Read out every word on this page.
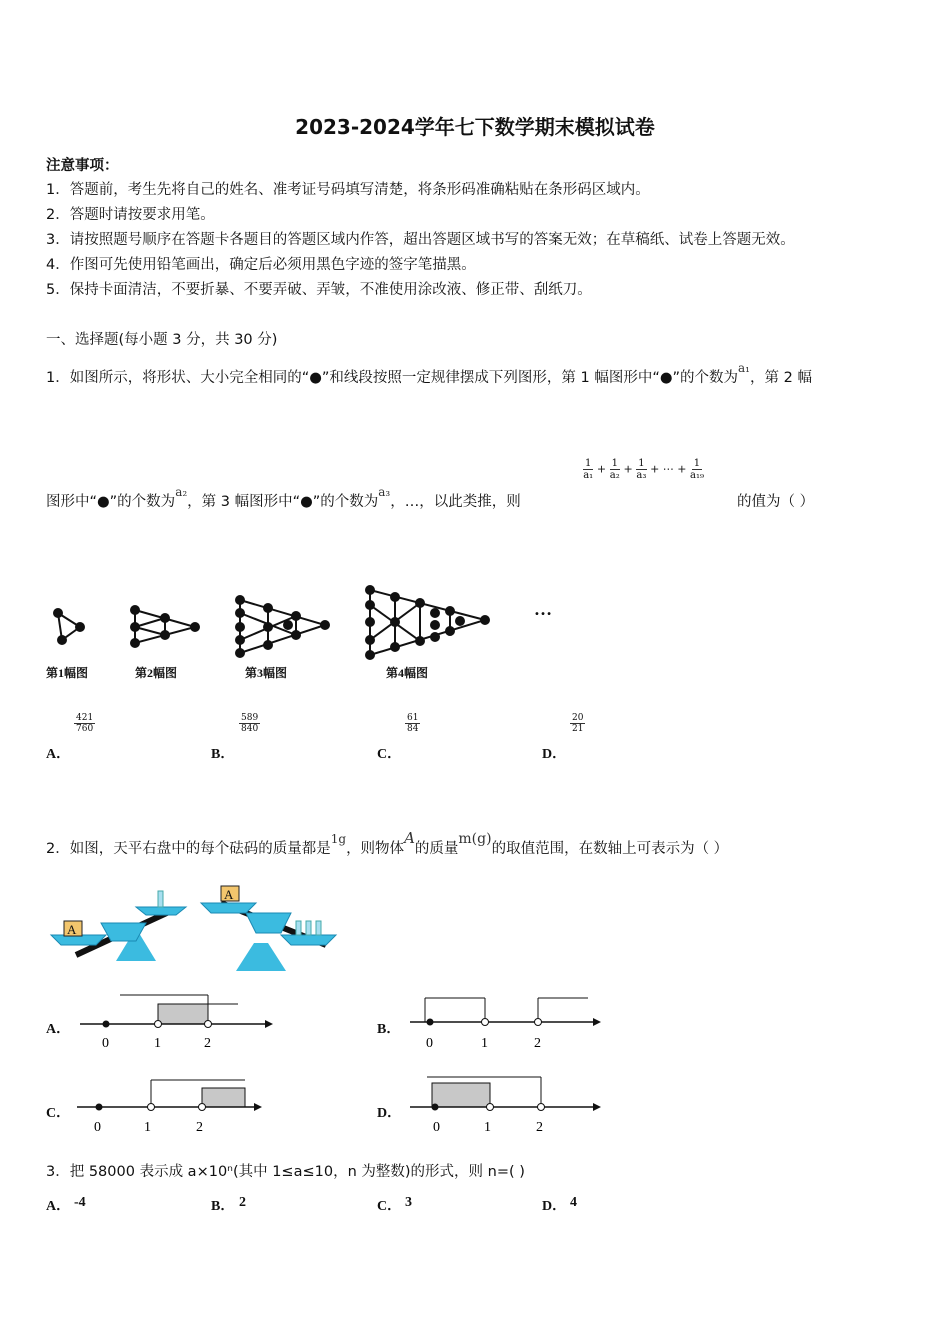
2023-2024学年七下数学期末模拟试卷
注意事项：
1．答题前，考生先将自己的姓名、准考证号码填写清楚，将条形码准确粘贴在条形码区域内。
2．答题时请按要求用笔。
3．请按照题号顺序在答题卡各题目的答题区域内作答，超出答题区域书写的答案无效；在草稿纸、试卷上答题无效。
4．作图可先使用铅笔画出，确定后必须用黑色字迹的签字笔描黑。
5．保持卡面清洁，不要折暴、不要弄破、弄皱，不准使用涂改液、修正带、刮纸刀。
一、选择题(每小题 3 分，共 30 分)
1．如图所示，将形状、大小完全相同的“●”和线段按照一定规律摆成下列图形，第 1 幅图形中“●”的个数为$^{a_1}$，第 2 幅
$\frac{1}{\text{a₁}} + \frac{1}{\text{a₂}} + \frac{1}{\text{a₃}}$ + ⋯ + $\frac{1}{\text{a₁₉}}$
图形中“●”的个数为$^{a_2}$，第 3 幅图形中“●”的个数为$^{a_3}$，…，以此类推，则	的值为（ ）
…
第1幅图	第2幅图	第3幅图	第4幅图
A．
$\frac{421}{760}$
B．
$\frac{589}{840}$
C．
$\frac{61}{84}$
D．
$\frac{20}{21}$
2．如图，天平右盘中的每个砝码的质量都是$^{1g}$，则物体A的质量m(g)的取值范围，在数轴上可表示为（ ）
A
A
A．
0	1	2
B．
0	1	2
C．
0	1	2
D．
0	1	2
3．把 58000 表示成 a×10ⁿ(其中 1≤a≤10，n 为整数)的形式，则 n=( )
A． -4	B． 2	C． 3	D． 4
